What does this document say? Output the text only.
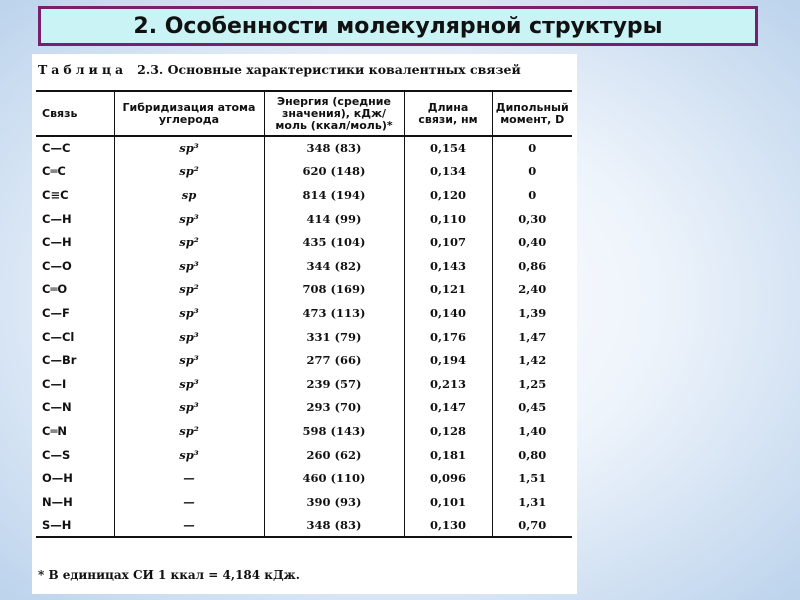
2. Особенности молекулярной структуры
Таблица 2.3. Основные характеристики ковалентных связей
Связь	Гибридизация атома углерода	Энергия (средние значения), кДж/моль (ккал/моль)*	Длина связи, нм	Дипольный момент, D
C—C	sp³	348 (83)	0,154	0
C═C	sp²	620 (148)	0,134	0
C≡C	sp	814 (194)	0,120	0
C—H	sp³	414 (99)	0,110	0,30
C—H	sp²	435 (104)	0,107	0,40
C—O	sp³	344 (82)	0,143	0,86
C═O	sp²	708 (169)	0,121	2,40
C—F	sp³	473 (113)	0,140	1,39
C—Cl	sp³	331 (79)	0,176	1,47
C—Br	sp³	277 (66)	0,194	1,42
C—I	sp³	239 (57)	0,213	1,25
C—N	sp³	293 (70)	0,147	0,45
C═N	sp²	598 (143)	0,128	1,40
C—S	sp³	260 (62)	0,181	0,80
O—H	—	460 (110)	0,096	1,51
N—H	—	390 (93)	0,101	1,31
S—H	—	348 (83)	0,130	0,70
* В единицах СИ 1 ккал = 4,184 кДж.
